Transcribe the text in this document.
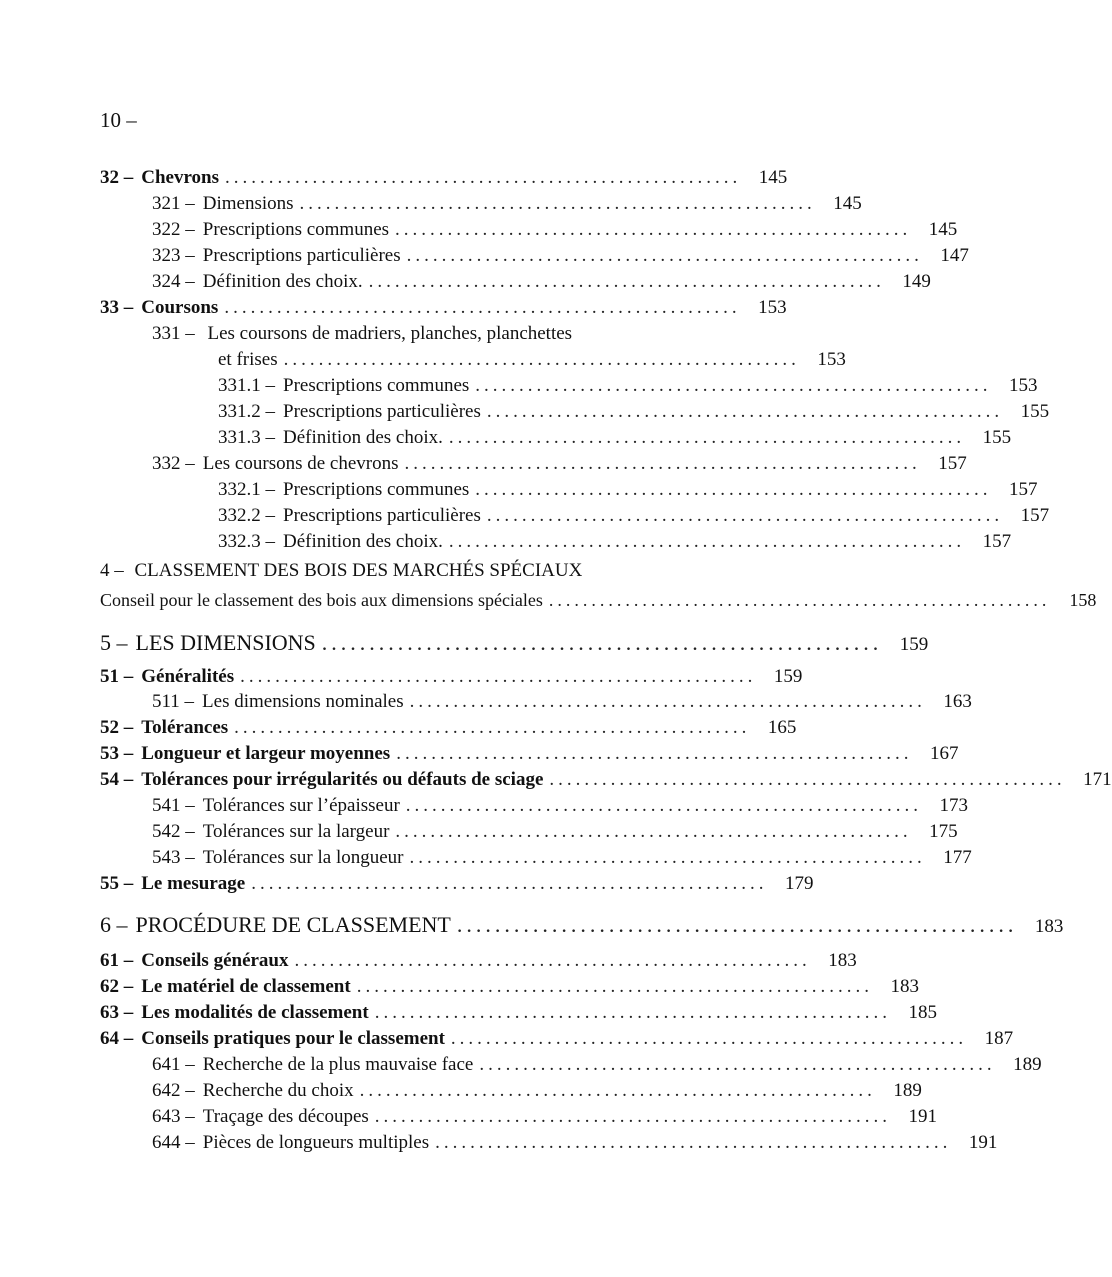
10 –
32 – Chevrons ........................................................... 145
321 – Dimensions ........................................................... 145
322 – Prescriptions communes ........................................................... 145
323 – Prescriptions particulières ........................................................... 147
324 – Définition des choix. ........................................................... 149
33 – Coursons ........................................................... 153
331 – Les coursons de madriers, planches, planchettes
et frises ........................................................... 153
331.1 – Prescriptions communes ........................................................... 153
331.2 – Prescriptions particulières ........................................................... 155
331.3 – Définition des choix. ........................................................... 155
332 – Les coursons de chevrons ........................................................... 157
332.1 – Prescriptions communes ........................................................... 157
332.2 – Prescriptions particulières ........................................................... 157
332.3 – Définition des choix. ........................................................... 157
4 – CLASSEMENT DES BOIS DES MARCHÉS SPÉCIAUX
Conseil pour le classement des bois aux dimensions spéciales ...........................................................	158
5 – LES DIMENSIONS ........................................................... 159
51 – Généralités ........................................................... 159
511 – Les dimensions nominales ........................................................... 163
52 – Tolérances ........................................................... 165
53 – Longueur et largeur moyennes ........................................................... 167
54 – Tolérances pour irrégularités ou défauts de sciage ........................................................... 171
541 – Tolérances sur l’épaisseur ........................................................... 173
542 – Tolérances sur la largeur ........................................................... 175
543 – Tolérances sur la longueur ........................................................... 177
55 – Le mesurage ........................................................... 179
6 – PROCÉDURE DE CLASSEMENT ........................................................... 183
61 – Conseils généraux ........................................................... 183
62 – Le matériel de classement ........................................................... 183
63 – Les modalités de classement ........................................................... 185
64 – Conseils pratiques pour le classement ........................................................... 187
641 – Recherche de la plus mauvaise face ........................................................... 189
642 – Recherche du choix ........................................................... 189
643 – Traçage des découpes ........................................................... 191
644 – Pièces de longueurs multiples ........................................................... 191
